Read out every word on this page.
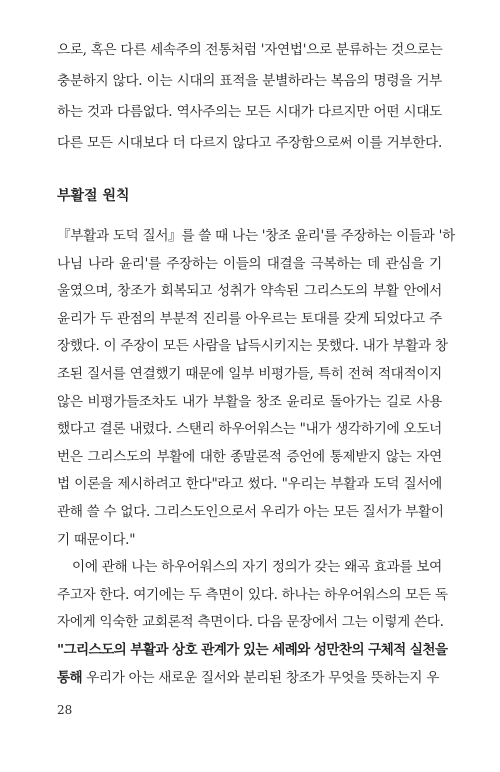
으로, 혹은 다른 세속주의 전통처럼 '자연법'으로 분류하는 것으로는
충분하지 않다. 이는 시대의 표적을 분별하라는 복음의 명령을 거부
하는 것과 다름없다. 역사주의는 모든 시대가 다르지만 어떤 시대도
다른 모든 시대보다 더 다르지 않다고 주장함으로써 이를 거부한다.
부활절 원칙
『부활과 도덕 질서』를 쓸 때 나는 '창조 윤리'를 주장하는 이들과 '하
나님 나라 윤리'를 주장하는 이들의 대결을 극복하는 데 관심을 기
울였으며, 창조가 회복되고 성취가 약속된 그리스도의 부활 안에서
윤리가 두 관점의 부분적 진리를 아우르는 토대를 갖게 되었다고 주
장했다. 이 주장이 모든 사람을 납득시키지는 못했다. 내가 부활과 창
조된 질서를 연결했기 때문에 일부 비평가들, 특히 전혀 적대적이지
않은 비평가들조차도 내가 부활을 창조 윤리로 돌아가는 길로 사용
했다고 결론 내렸다. 스탠리 하우어워스는 "내가 생각하기에 오도너
번은 그리스도의 부활에 대한 종말론적 증언에 통제받지 않는 자연
법 이론을 제시하려고 한다"라고 썼다. "우리는 부활과 도덕 질서에
관해 쓸 수 없다. 그리스도인으로서 우리가 아는 모든 질서가 부활이
기 때문이다."
이에 관해 나는 하우어워스의 자기 정의가 갖는 왜곡 효과를 보여
주고자 한다. 여기에는 두 측면이 있다. 하나는 하우어워스의 모든 독
자에게 익숙한 교회론적 측면이다. 다음 문장에서 그는 이렇게 쓴다.
"그리스도의 부활과 상호 관계가 있는 세례와 성만찬의 구체적 실천을
통해 우리가 아는 새로운 질서와 분리된 창조가 무엇을 뜻하는지 우
28
